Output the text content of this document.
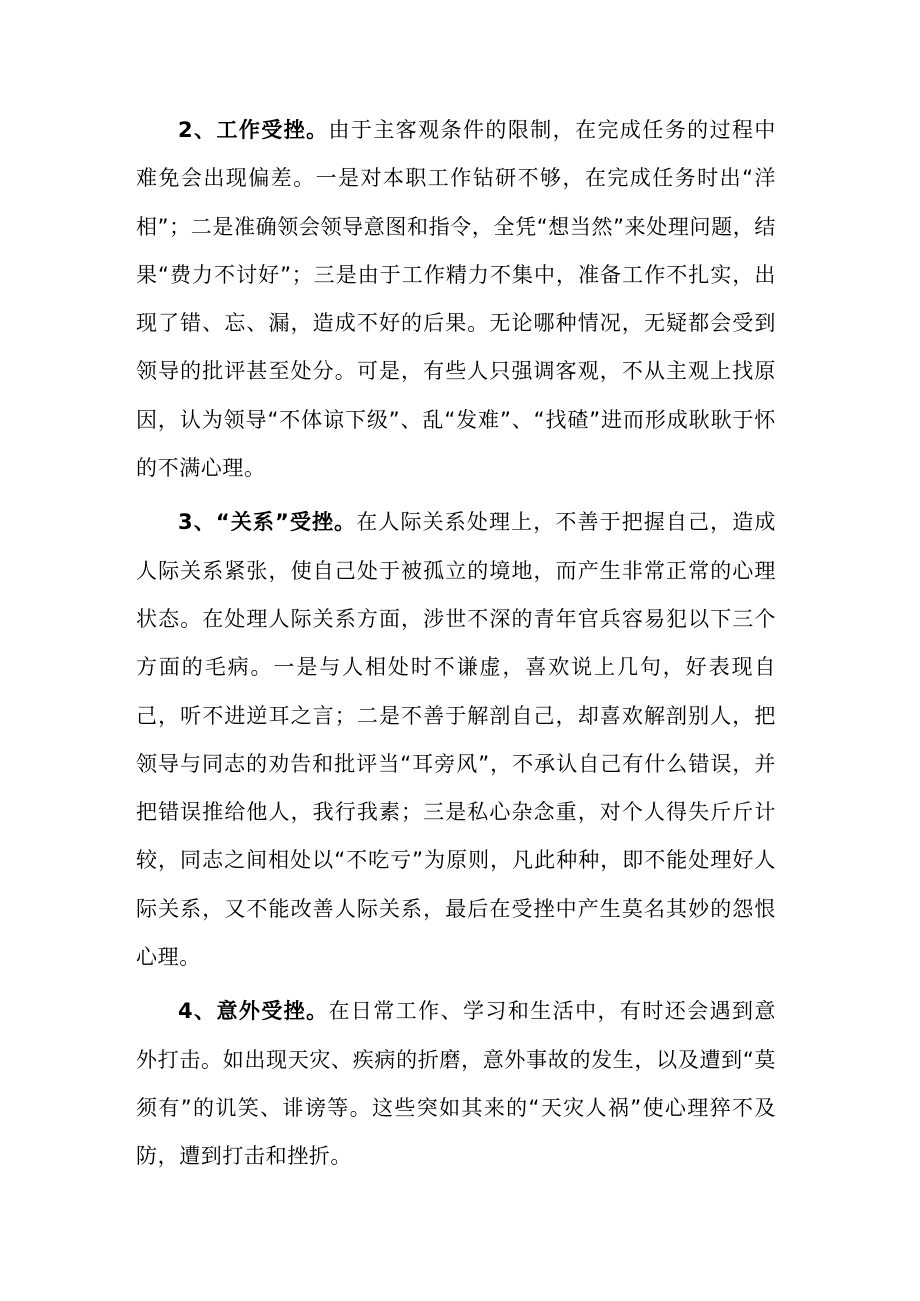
2、工作受挫。由于主客观条件的限制，在完成任务的过程中难免会出现偏差。一是对本职工作钻研不够，在完成任务时出“洋相”；二是准确领会领导意图和指令，全凭“想当然”来处理问题，结果“费力不讨好”；三是由于工作精力不集中，准备工作不扎实，出现了错、忘、漏，造成不好的后果。无论哪种情况，无疑都会受到领导的批评甚至处分。可是，有些人只强调客观，不从主观上找原因，认为领导“不体谅下级”、乱“发难”、“找碴”进而形成耿耿于怀的不满心理。

3、“关系”受挫。在人际关系处理上，不善于把握自己，造成人际关系紧张，使自己处于被孤立的境地，而产生非常正常的心理状态。在处理人际关系方面，涉世不深的青年官兵容易犯以下三个方面的毛病。一是与人相处时不谦虚，喜欢说上几句，好表现自己，听不进逆耳之言；二是不善于解剖自己，却喜欢解剖别人，把领导与同志的劝告和批评当“耳旁风”，不承认自己有什么错误，并把错误推给他人，我行我素；三是私心杂念重，对个人得失斤斤计较，同志之间相处以“不吃亏”为原则，凡此种种，即不能处理好人际关系，又不能改善人际关系，最后在受挫中产生莫名其妙的怨恨心理。

4、意外受挫。在日常工作、学习和生活中，有时还会遇到意外打击。如出现天灾、疾病的折磨，意外事故的发生，以及遭到“莫须有”的讥笑、诽谤等。这些突如其来的“天灾人祸”使心理猝不及防，遭到打击和挫折。
